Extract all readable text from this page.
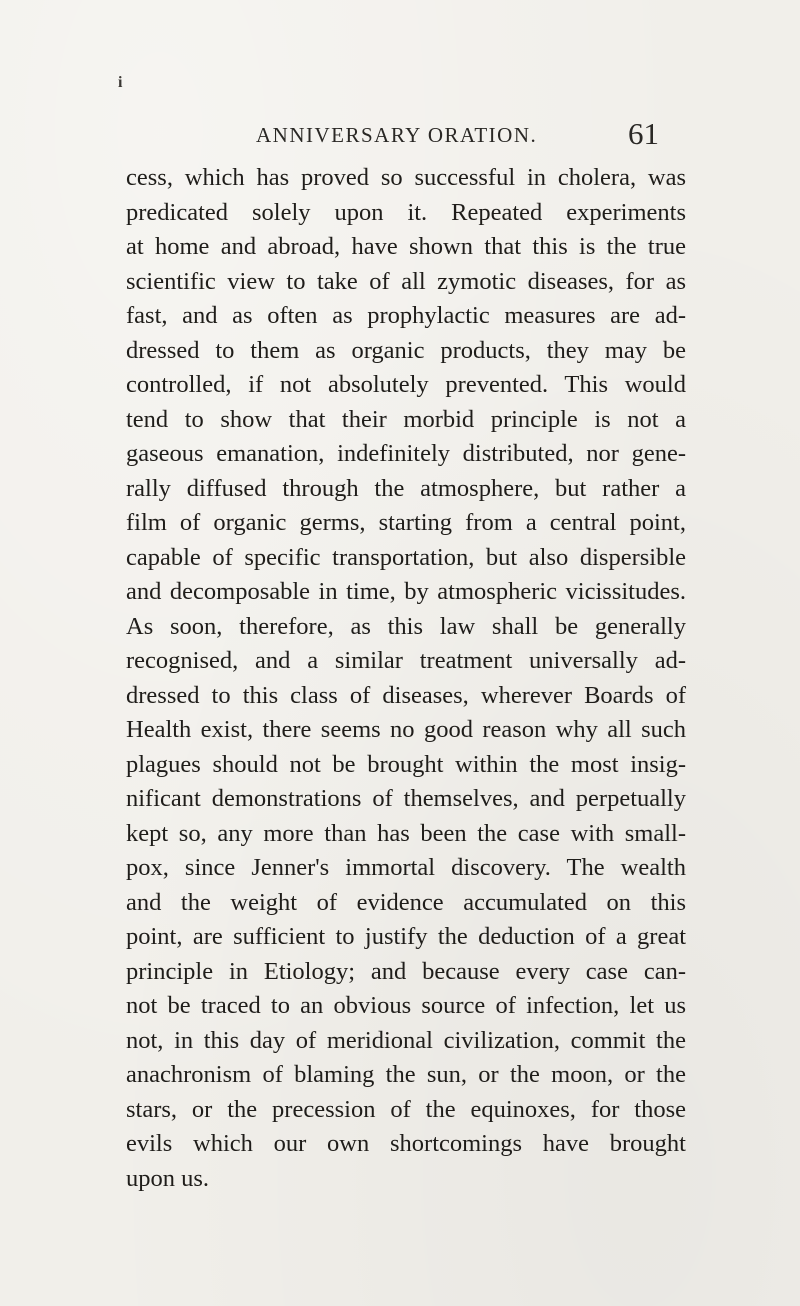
i
ANNIVERSARY ORATION.	61
cess, which has proved so successful in cholera, was
predicated solely upon it. Repeated experiments
at home and abroad, have shown that this is the true
scientific view to take of all zymotic diseases, for as
fast, and as often as prophylactic measures are ad-
dressed to them as organic products, they may be
controlled, if not absolutely prevented. This would
tend to show that their morbid principle is not a
gaseous emanation, indefinitely distributed, nor gene-
rally diffused through the atmosphere, but rather a
film of organic germs, starting from a central point,
capable of specific transportation, but also dispersible
and decomposable in time, by atmospheric vicissitudes.
As soon, therefore, as this law shall be generally
recognised, and a similar treatment universally ad-
dressed to this class of diseases, wherever Boards of
Health exist, there seems no good reason why all such
plagues should not be brought within the most insig-
nificant demonstrations of themselves, and perpetually
kept so, any more than has been the case with small-
pox, since Jenner's immortal discovery. The wealth
and the weight of evidence accumulated on this
point, are sufficient to justify the deduction of a great
principle in Etiology; and because every case can-
not be traced to an obvious source of infection, let us
not, in this day of meridional civilization, commit the
anachronism of blaming the sun, or the moon, or the
stars, or the precession of the equinoxes, for those
evils which our own shortcomings have brought
upon us.
